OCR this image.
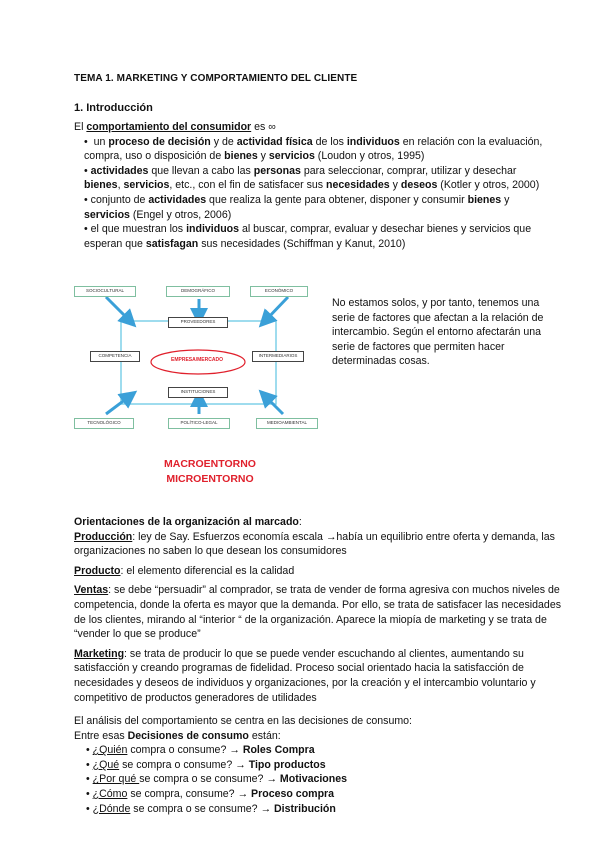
TEMA 1. MARKETING Y COMPORTAMIENTO DEL CLIENTE
1. Introducción
El comportamiento del consumidor es ∞
•  un proceso de decisión y de actividad física de los individuos en relación con la evaluación, compra, uso o disposición de bienes y servicios (Loudon y otros, 1995)
• actividades que llevan a cabo las personas para seleccionar, comprar, utilizar y desechar bienes, servicios, etc., con el fin de satisfacer sus necesidades y deseos (Kotler y otros, 2000)
• conjunto de actividades que realiza la gente para obtener, disponer y consumir bienes y servicios (Engel y otros, 2006)
• el que muestran los individuos al buscar, comprar, evaluar y desechar bienes y servicios que esperan que satisfagan sus necesidades (Schiffman y Kanut, 2010)
SOCIOCULTURAL	DEMOGRÁFICO	ECONÓMICO
PROVEEDORES
COMPETENCIA	INTERMEDIARIOS
INSTITUCIONES
EMPRESA/MERCADO
TECNOLÓGICO	POLÍTICO-LEGAL	MEDIOAMBIENTAL
No estamos solos, y por tanto, tenemos una serie de factores que afectan a la relación de intercambio. Según el entorno afectarán una serie de factores que permiten hacer determinadas cosas.
MACROENTORNO
MICROENTORNO

Orientaciones de la organización al marcado:

Producción: ley de Say. Esfuerzos economía escala →había un equilibrio entre oferta y demanda, las organizaciones no saben lo que desean los consumidores

Producto: el elemento diferencial es la calidad

Ventas: se debe “persuadir” al comprador, se trata de vender de forma agresiva con muchos niveles de competencia, donde la oferta es mayor que la demanda. Por ello, se trata de satisfacer las necesidades de los clientes, mirando al “interior “ de la organización. Aparece la miopía de marketing y se trata de “vender lo que se produce”

Marketing: se trata de producir lo que se puede vender escuchando al clientes, aumentando su satisfacción y creando programas de fidelidad. Proceso social orientado hacia la satisfacción de necesidades y deseos de individuos y organizaciones, por la creación y el intercambio voluntario y competitivo de productos generadores de utilidades

El análisis del comportamiento se centra en las decisiones de consumo:
Entre esas Decisiones de consumo están:
• ¿Quién compra o consume? → Roles Compra
• ¿Qué se compra o consume? → Tipo productos
• ¿Por qué se compra o se consume? → Motivaciones
• ¿Cómo se compra, consume? → Proceso compra
• ¿Dónde se compra o se consume? → Distribución
